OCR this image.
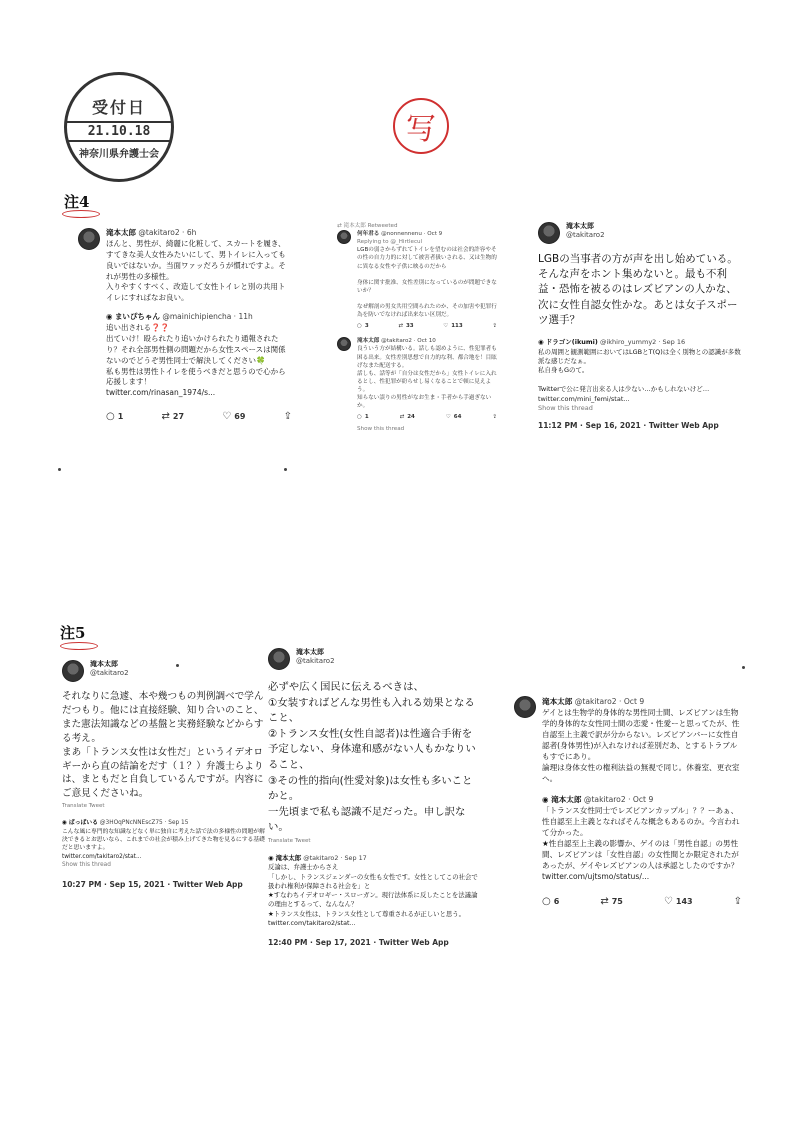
受付日
21.10.18
神奈川県弁護士会
写
注4
注5
滝本太郎 @takitaro2 · 6h
ほんと、男性が、綺麗に化粧して、スカートを履き、すてきな美人女性みたいにして、男トイレに入っても良いではないか。当面ワァッだろうが慣れですよ。それが男性の多様性。
入りやすくすべく、改造して女性トイレと別の共用トイレにすればなお良い。
◉ まいぴちゃん @mainichipiencha · 11h
追い出される❓❓
出ていけ！殴られたり追いかけられたり通報されたり？それ全部男性側の問題だから女性スペースは関係ないのでどうぞ男性同士で解決してください🍀
私も男性は男性トイレを使うべきだと思うので心から応援します！
twitter.com/rinasan_1974/s...
○ 1	⇄ 27	♡ 69	⇪
⇄ 滝本太郎 Retweeted
何年君る @nonnennenu · Oct 9
Replying to @_Hirtlecul
LGBの弱さからずれてトイレを望むのは社会的許容やその性の自力力的に対して被害者扱いされる、又は生物的に異なる女性や子供に映るのだから

身体に関す批准、女性差別になっているのが問題できないか？

なぜ解剖の男女共用空間られたのか、その加害や犯罪行為を防いでなければ出来ない区別だ。
○ 3	⇄ 33	♡ 113	⇪
滝本太郎 @takitaro2 · Oct 10
良ういう方が結構いる。話しも認めように、性犯罪者も困る出来。女性差別思想で自力的な利、都合地を！目眩げなまた配送する。
話しも、話等が「自分は女性だから」女性トイレに入れるとし、性犯罪が紛らせし易くなることで頓に見えよう。
知らない誤りの男性がなお生ま・手者から手過ぎないか。
○ 1	⇄ 24	♡ 64	⇪
Show this thread
滝本太郎
@takitaro2
LGBの当事者の方が声を出し始めている。そんな声をホント集めないと。最も不利益・恐怖を被るのはレズビアンの人かな、次に女性自認女性かな。あとは女子スポーツ選手？
◉ ドラゴン(ikumi) @ikhiro_yummy2 · Sep 16
私の周囲と観測範囲においてはLGBとT(Q)は全く別物との認識が多数派な感じだなぁ。
私自身もGのて。

Twitterで公に発言出来る人は少ない…かもしれないけど…
twitter.com/mini_femi/stat...
Show this thread
11:12 PM · Sep 16, 2021 · Twitter Web App
滝本太郎
@takitaro2
それなりに急遽、本や幾つもの判例調べで学んだつもり。他には直接経験、知り合いのこと、また憲法知識などの基盤と実務経験などからする考え。
まあ「トランス女性は女性だ」というイデオロギーから直の結論をだす（１？）弁護士らよりは、まともだと自負しているんですが。内容にご意見くださいね。
Translate Tweet
◉ ぱっぱいる @3HOqPNcNNEscZ75 · Sep 15
こんな風に専門的な知識などなく単に独自に考えた話で法の多様性の問題が解決できるとお思いなら、これまでの社会が積み上げてきた物を見るにする基礎だと思いますよ。
twitter.com/takitaro2/stat...
Show this thread
10:27 PM · Sep 15, 2021 · Twitter Web App
滝本太郎
@takitaro2
必ずや広く国民に伝えるべきは、
①女装すればどんな男性も入れる効果となること、
②トランス女性(女性自認者)は性適合手術を予定しない、身体違和感がない人もかなりいること、
③その性的指向(性愛対象)は女性も多いことかと。
一先頃まで私も認識不足だった。申し訳ない。
Translate Tweet
◉ 滝本太郎 @takitaro2 · Sep 17
反論は、弁護士からさえ
「しかし、トランスジェンダーの女性も女性です。女性としてこの社会で扱われ権利が保障される社会を」と
★すなわちイデオロギー・スローガン。現行法体系に反したことを法議論の理由とするって、なんなん？
★トランス女性は、トランス女性として尊重されるが正しいと思う。
twitter.com/takitaro2/stat...
12:40 PM · Sep 17, 2021 · Twitter Web App
滝本太郎 @takitaro2 · Oct 9
ゲイとは生物学的身体的な男性同士間、レズビアンは生物学的身体的な女性同士間の恋愛・性愛ーと思ってたが、性自認至上主義で訳が分からない。レズビアンバーに女性自認者(身体男性)が入れなければ差別だあ、とするトラブルもすでにあり。
論理は身体女性の権利法益の無視で同じ。休養室、更衣室へ。
◉ 滝本太郎 @takitaro2 · Oct 9
「トランス女性同士でレズビアンカップル」？？ーあぁ、性自認至上主義となればそんな概念もあるのか。今言われて分かった。
★性自認至上主義の影響か、ゲイのは「男性自認」の男性間、レズビアンは「女性自認」の女性間とか限定されたがあったが、ゲイやレズビアンの人は承認としたのですか？
twitter.com/ujtsmo/status/...
○ 6	⇄ 75	♡ 143	⇪
